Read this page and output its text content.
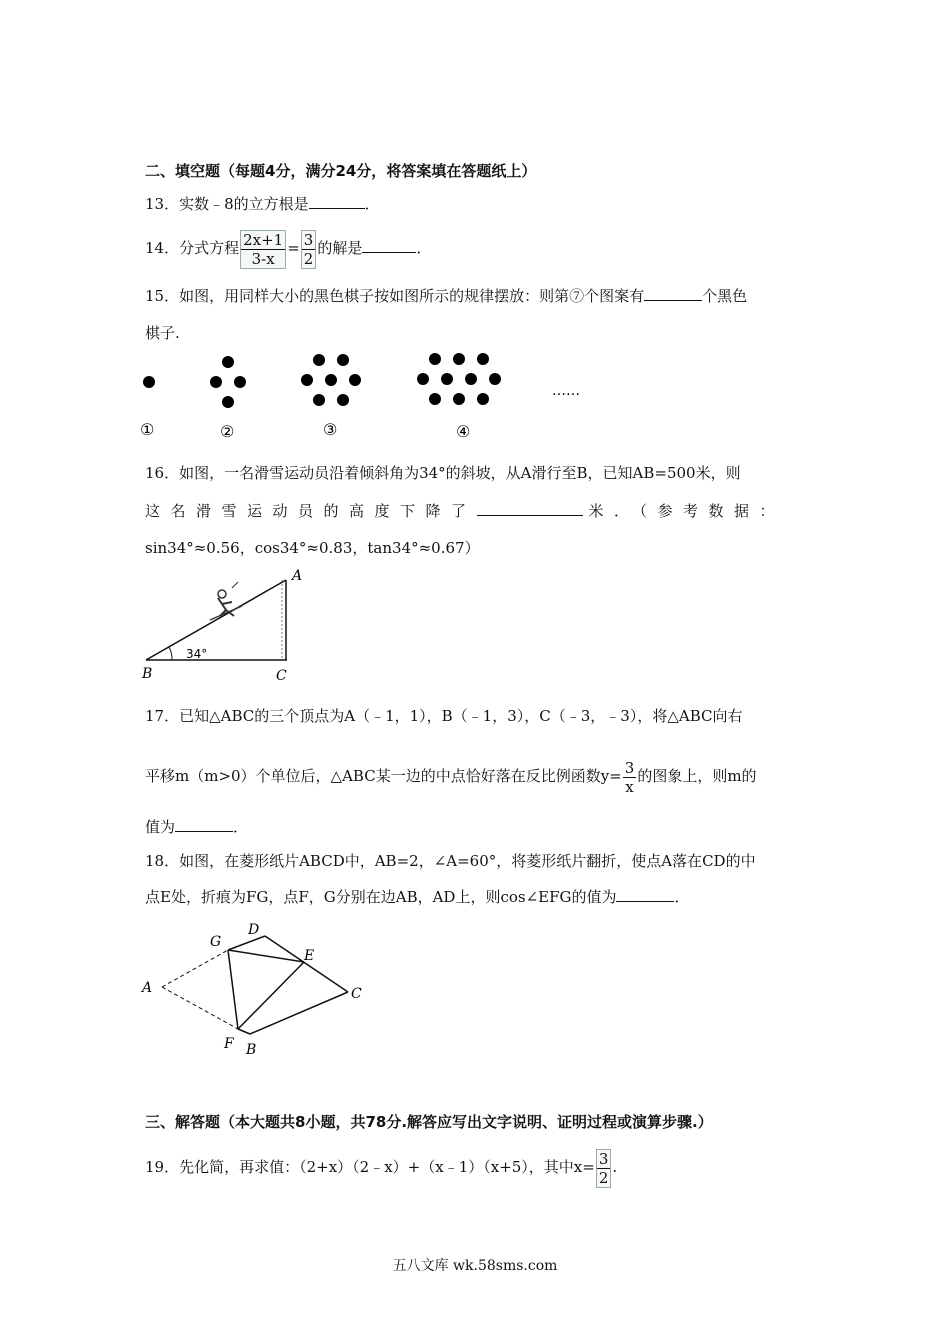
二、填空题（每题4分，满分24分，将答案填在答题纸上）
13．实数﹣8的立方根是	．
14．分式方程 $\frac{2x+1}{3-x} = \frac{3}{2}$ 的解是	．
15．如图，用同样大小的黑色棋子按如图所示的规律摆放：则第⑦个图案有	个黑色
棋子.
……
①	②	③	④
16．如图，一名滑雪运动员沿着倾斜角为34°的斜坡，从A滑行至B，已知AB=500米，则
这名滑雪运动员的高度下降了	米．（参考数据：
sin34°≈0.56，cos34°≈0.83，tan34°≈0.67）
A
B	C
34°
17．已知△ABC的三个顶点为A（﹣1，1），B（﹣1，3），C（﹣3，﹣3），将△ABC向右
平移m（m>0）个单位后，△ABC某一边的中点恰好落在反比例函数$y= \frac{3}{x}$ 的图象上，则m的
值为	．
18．如图，在菱形纸片ABCD中，AB=2，∠A=60°，将菱形纸片翻折，使点A落在CD的中
点E处，折痕为FG，点F，G分别在边AB，AD上，则cos∠EFG的值为	．
A
B
C
D
E
F
G
三、解答题（本大题共8小题，共78分.解答应写出文字说明、证明过程或演算步骤.）
19．先化简，再求值：（2+x）（2﹣x）+（x﹣1）（x+5），其中$x= \frac{3}{2}$ .
五八文库 wk.58sms.com
